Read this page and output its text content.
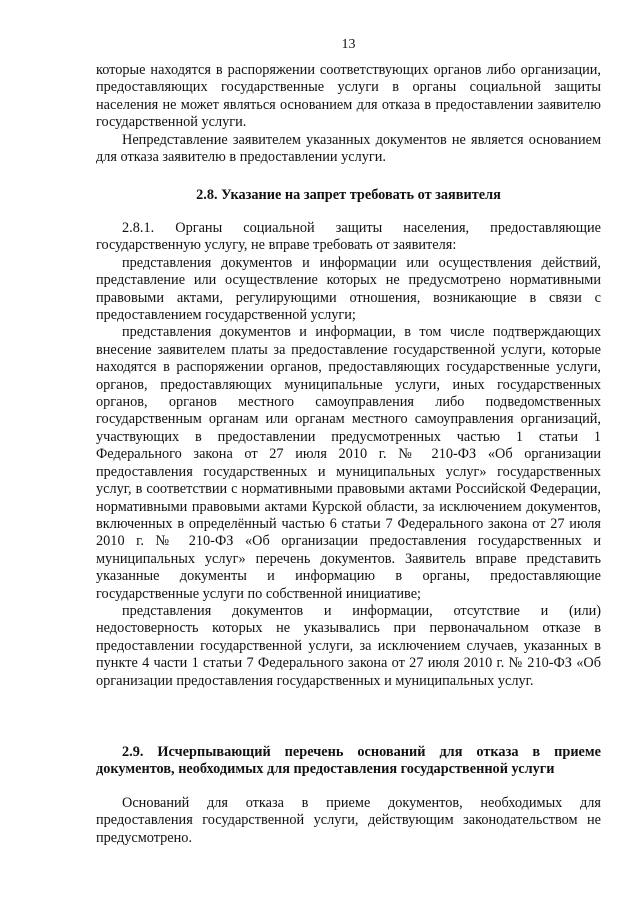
13

которые находятся в распоряжении соответствующих органов либо организации, предоставляющих государственные услуги в органы социальной защиты населения не может являться основанием для отказа в предоставлении заявителю государственной услуги.

Непредставление заявителем указанных документов не является основанием для отказа заявителю в предоставлении услуги.

2.8. Указание на запрет требовать от заявителя

2.8.1. Органы социальной защиты населения, предоставляющие государственную услугу, не вправе требовать от заявителя:

представления документов и информации или осуществления действий, представление или осуществление которых не предусмотрено нормативными правовыми актами, регулирующими отношения, возникающие в связи с предоставлением государственной услуги;

представления документов и информации, в том числе подтверждающих внесение заявителем платы за предоставление государственной услуги, которые находятся в распоряжении органов, предоставляющих государственные услуги, органов, предоставляющих муниципальные услуги, иных государственных органов, органов местного самоуправления либо подведомственных государственным органам или органам местного самоуправления организаций, участвующих в предоставлении предусмотренных частью 1 статьи 1 Федерального закона от 27 июля 2010 г. № 210-ФЗ «Об организации предоставления государственных и муниципальных услуг» государственных услуг, в соответствии с нормативными правовыми актами Российской Федерации, нормативными правовыми актами Курской области, за исключением документов, включенных в определённый частью 6 статьи 7 Федерального закона от 27 июля 2010 г. № 210-ФЗ «Об организации предоставления государственных и муниципальных услуг» перечень документов. Заявитель вправе представить указанные документы и информацию в органы, предоставляющие государственные услуги по собственной инициативе;

представления документов и информации, отсутствие и (или) недостоверность которых не указывались при первоначальном отказе в предоставлении государственной услуги, за исключением случаев, указанных в пункте 4 части 1 статьи 7 Федерального закона от 27 июля 2010 г. № 210-ФЗ «Об организации предоставления государственных и муниципальных услуг.

2.9. Исчерпывающий перечень оснований для отказа в приеме документов, необходимых для предоставления государственной услуги

Оснований для отказа в приеме документов, необходимых для предоставления государственной услуги, действующим законодательством не предусмотрено.
